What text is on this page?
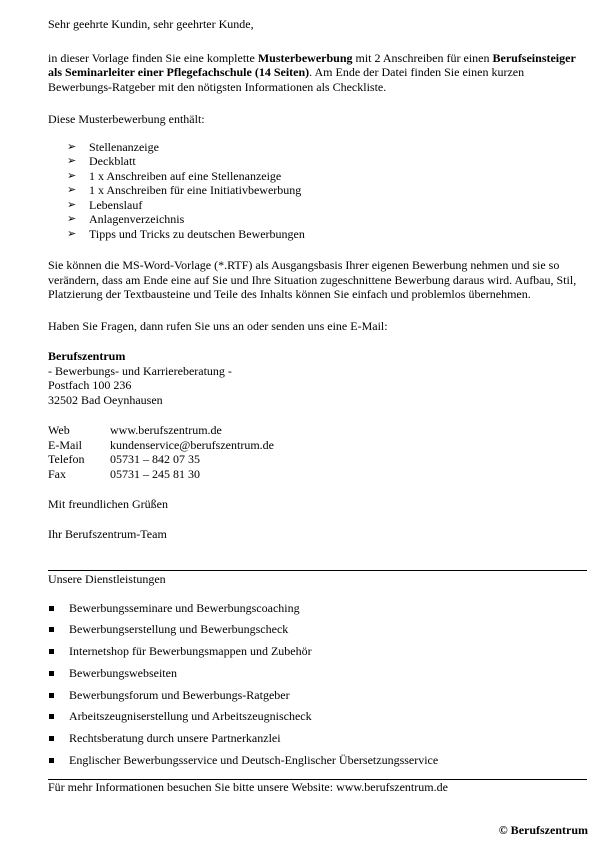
Sehr geehrte Kundin, sehr geehrter Kunde,

in dieser Vorlage finden Sie eine komplette Musterbewerbung mit 2 Anschreiben für einen Berufseinsteiger als Seminarleiter einer Pflegefachschule (14 Seiten). Am Ende der Datei finden Sie einen kurzen Bewerbungs-Ratgeber mit den nötigsten Informationen als Checkliste.

Diese Musterbewerbung enthält:

➢ Stellenanzeige
➢ Deckblatt
➢ 1 x Anschreiben auf eine Stellenanzeige
➢ 1 x Anschreiben für eine Initiativbewerbung
➢ Lebenslauf
➢ Anlagenverzeichnis
➢ Tipps und Tricks zu deutschen Bewerbungen

Sie können die MS-Word-Vorlage (*.RTF) als Ausgangsbasis Ihrer eigenen Bewerbung nehmen und sie so verändern, dass am Ende eine auf Sie und Ihre Situation zugeschnittene Bewerbung daraus wird. Aufbau, Stil, Platzierung der Textbausteine und Teile des Inhalts können Sie einfach und problemlos übernehmen.

Haben Sie Fragen, dann rufen Sie uns an oder senden uns eine E-Mail:

Berufszentrum
- Bewerbungs- und Karriereberatung -
Postfach 100 236
32502 Bad Oeynhausen
Web	www.berufszentrum.de
E-Mail	kundenservice@berufszentrum.de
Telefon	05731 – 842 07 35
Fax	05731 – 245 81 30

Mit freundlichen Grüßen

Ihr Berufszentrum-Team

Unsere Dienstleistungen

Bewerbungsseminare und Bewerbungscoaching
Bewerbungserstellung und Bewerbungscheck
Internetshop für Bewerbungsmappen und Zubehör
Bewerbungswebseiten
Bewerbungsforum und Bewerbungs-Ratgeber
Arbeitszeugniserstellung und Arbeitszeugnischeck
Rechtsberatung durch unsere Partnerkanzlei
Englischer Bewerbungsservice und Deutsch-Englischer Übersetzungsservice

Für mehr Informationen besuchen Sie bitte unsere Website: www.berufszentrum.de

© Berufszentrum
